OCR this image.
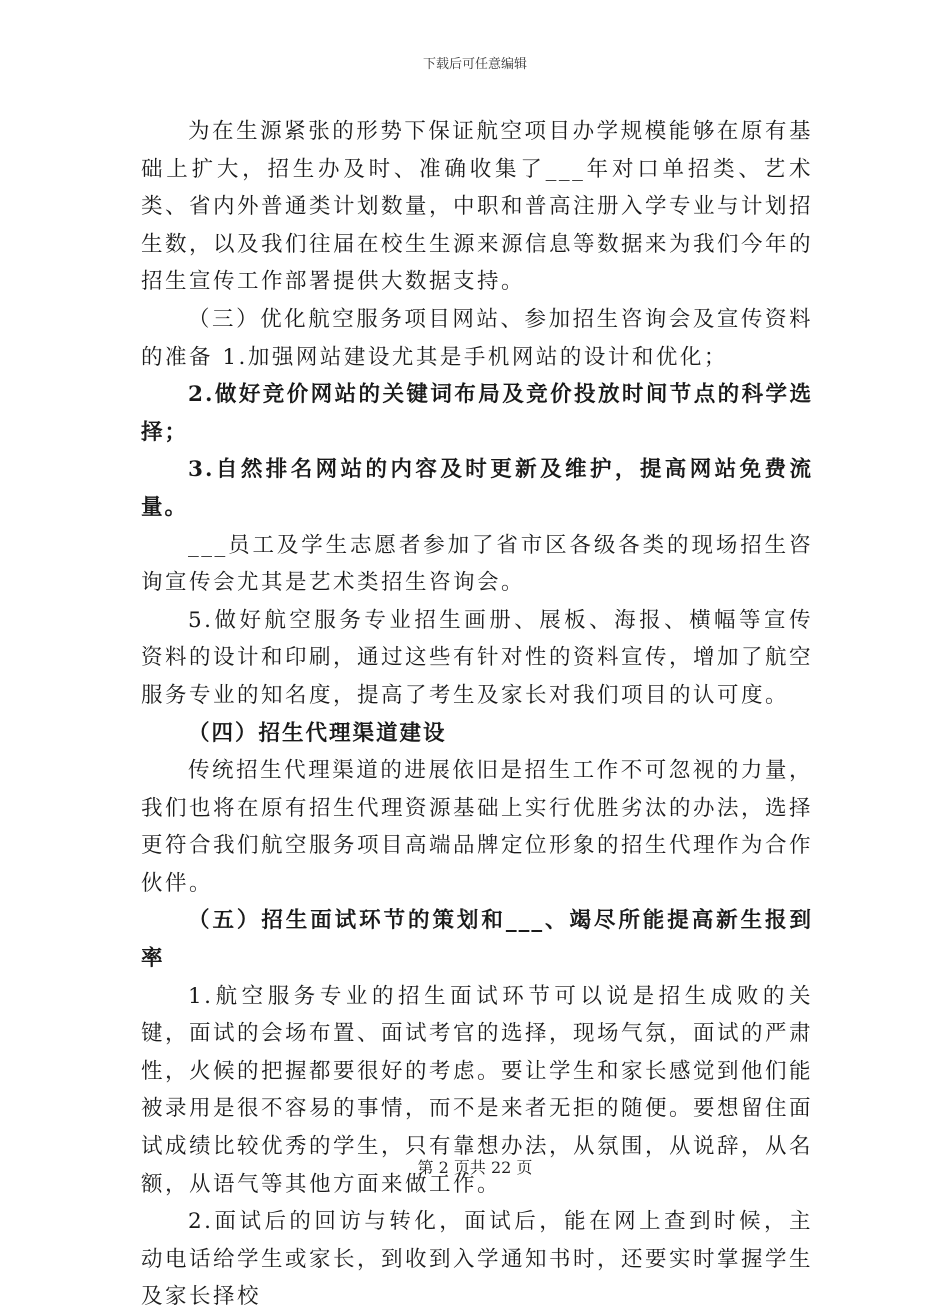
下载后可任意编辑

为在生源紧张的形势下保证航空项目办学规模能够在原有基础上扩大，招生办及时、准确收集了___年对口单招类、艺术类、省内外普通类计划数量，中职和普高注册入学专业与计划招生数，以及我们往届在校生生源来源信息等数据来为我们今年的招生宣传工作部署提供大数据支持。

（三）优化航空服务项目网站、参加招生咨询会及宣传资料的准备 1.加强网站建设尤其是手机网站的设计和优化；

2.做好竞价网站的关键词布局及竞价投放时间节点的科学选择；

3.自然排名网站的内容及时更新及维护，提高网站免费流量。

___员工及学生志愿者参加了省市区各级各类的现场招生咨询宣传会尤其是艺术类招生咨询会。

5.做好航空服务专业招生画册、展板、海报、横幅等宣传资料的设计和印刷，通过这些有针对性的资料宣传，增加了航空服务专业的知名度，提高了考生及家长对我们项目的认可度。

（四）招生代理渠道建设

传统招生代理渠道的进展依旧是招生工作不可忽视的力量，我们也将在原有招生代理资源基础上实行优胜劣汰的办法，选择更符合我们航空服务项目高端品牌定位形象的招生代理作为合作伙伴。

（五）招生面试环节的策划和___、竭尽所能提高新生报到率

1.航空服务专业的招生面试环节可以说是招生成败的关键，面试的会场布置、面试考官的选择，现场气氛，面试的严肃性，火候的把握都要很好的考虑。要让学生和家长感觉到他们能被录用是很不容易的事情，而不是来者无拒的随便。要想留住面试成绩比较优秀的学生，只有靠想办法，从氛围，从说辞，从名额，从语气等其他方面来做工作。

2.面试后的回访与转化，面试后，能在网上查到时候，主动电话给学生或家长，到收到入学通知书时，还要实时掌握学生及家长择校

第 2 页共 22 页
